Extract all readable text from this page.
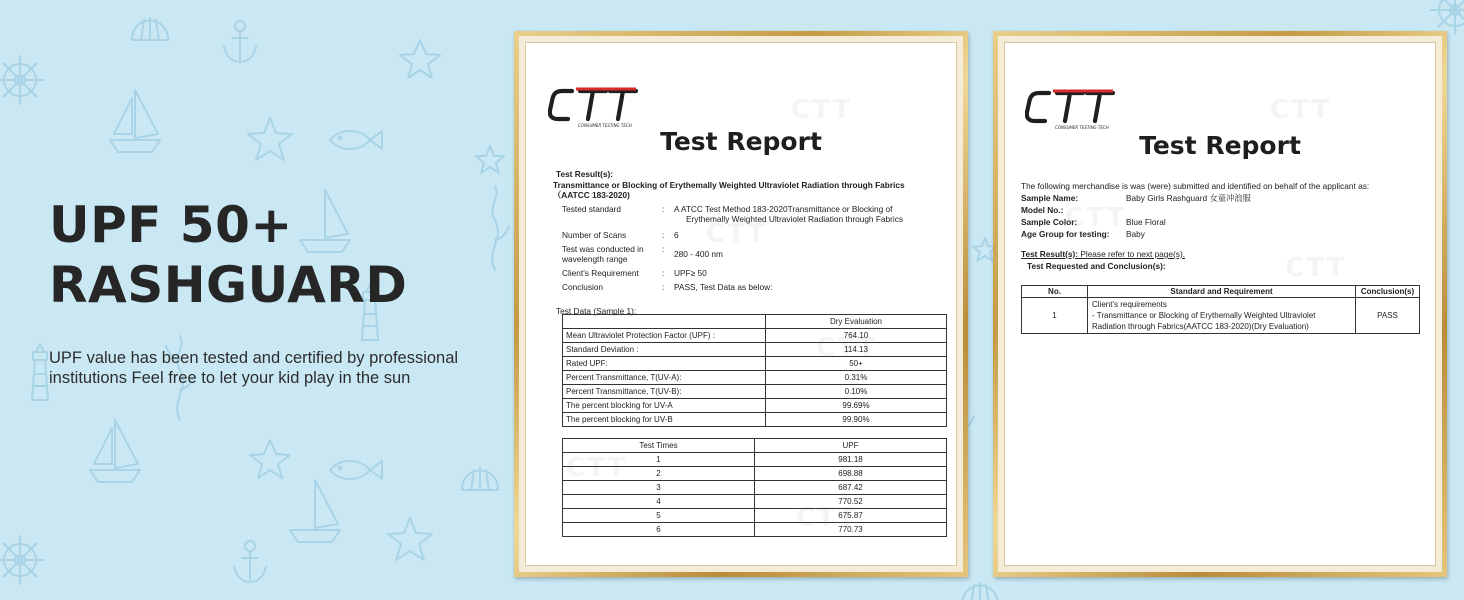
UPF 50+
RASHGUARD

UPF value has been tested and certified by professional institutions Feel free to let your kid play in the sun

CONSUMER TESTING TECH
Test Report
Test Result(s):
Transmittance or Blocking of Erythemally Weighted Ultraviolet Radiation through Fabrics（AATCC 183-2020)
Tested standard	:	A ATCC Test Method 183-2020Transmittance or Blocking of
Erythemally Weighted Ultraviolet Radiation through Fabrics
Number of Scans	:	6
Test was conducted in
wavelength range
:	280 - 400 nm
Client's Requirement	:	UPF≥ 50
Conclusion	:	PASS, Test Data as below:
Test Data (Sample 1):
	Dry Evaluation
Mean Ultraviolet Protection Factor (UPF) :	764.10
Standard Deviation :	114.13
Rated UPF:	50+
Percent Transmittance, T(UV-A):	0.31%
Percent Transmittance, T(UV-B):	0.10%
The percent blocking for UV-A	99.69%
The percent blocking for UV-B	99.90%
Test Times	UPF
1	981.18
2	698.88
3	687.42
4	770.52
5	675.87
6	770.73
CONSUMER TESTING TECH
Test Report
The following merchandise is was (were) submitted and identified on behalf of the applicant as:
Sample Name:	Baby Girls Rashguard 女童冲浪服
Model No.:
Sample Color:	Blue Floral
Age Group for testing:	Baby
Test Result(s): Please refer to next page(s).
Test Requested and Conclusion(s):
No.	Standard and Requirement	Conclusion(s)
1	Client's requirements
- Transmittance or Blocking of Erythemally Weighted Ultraviolet
Radiation through Fabrics(AATCC 183-2020)(Dry Evaluation)	PASS
